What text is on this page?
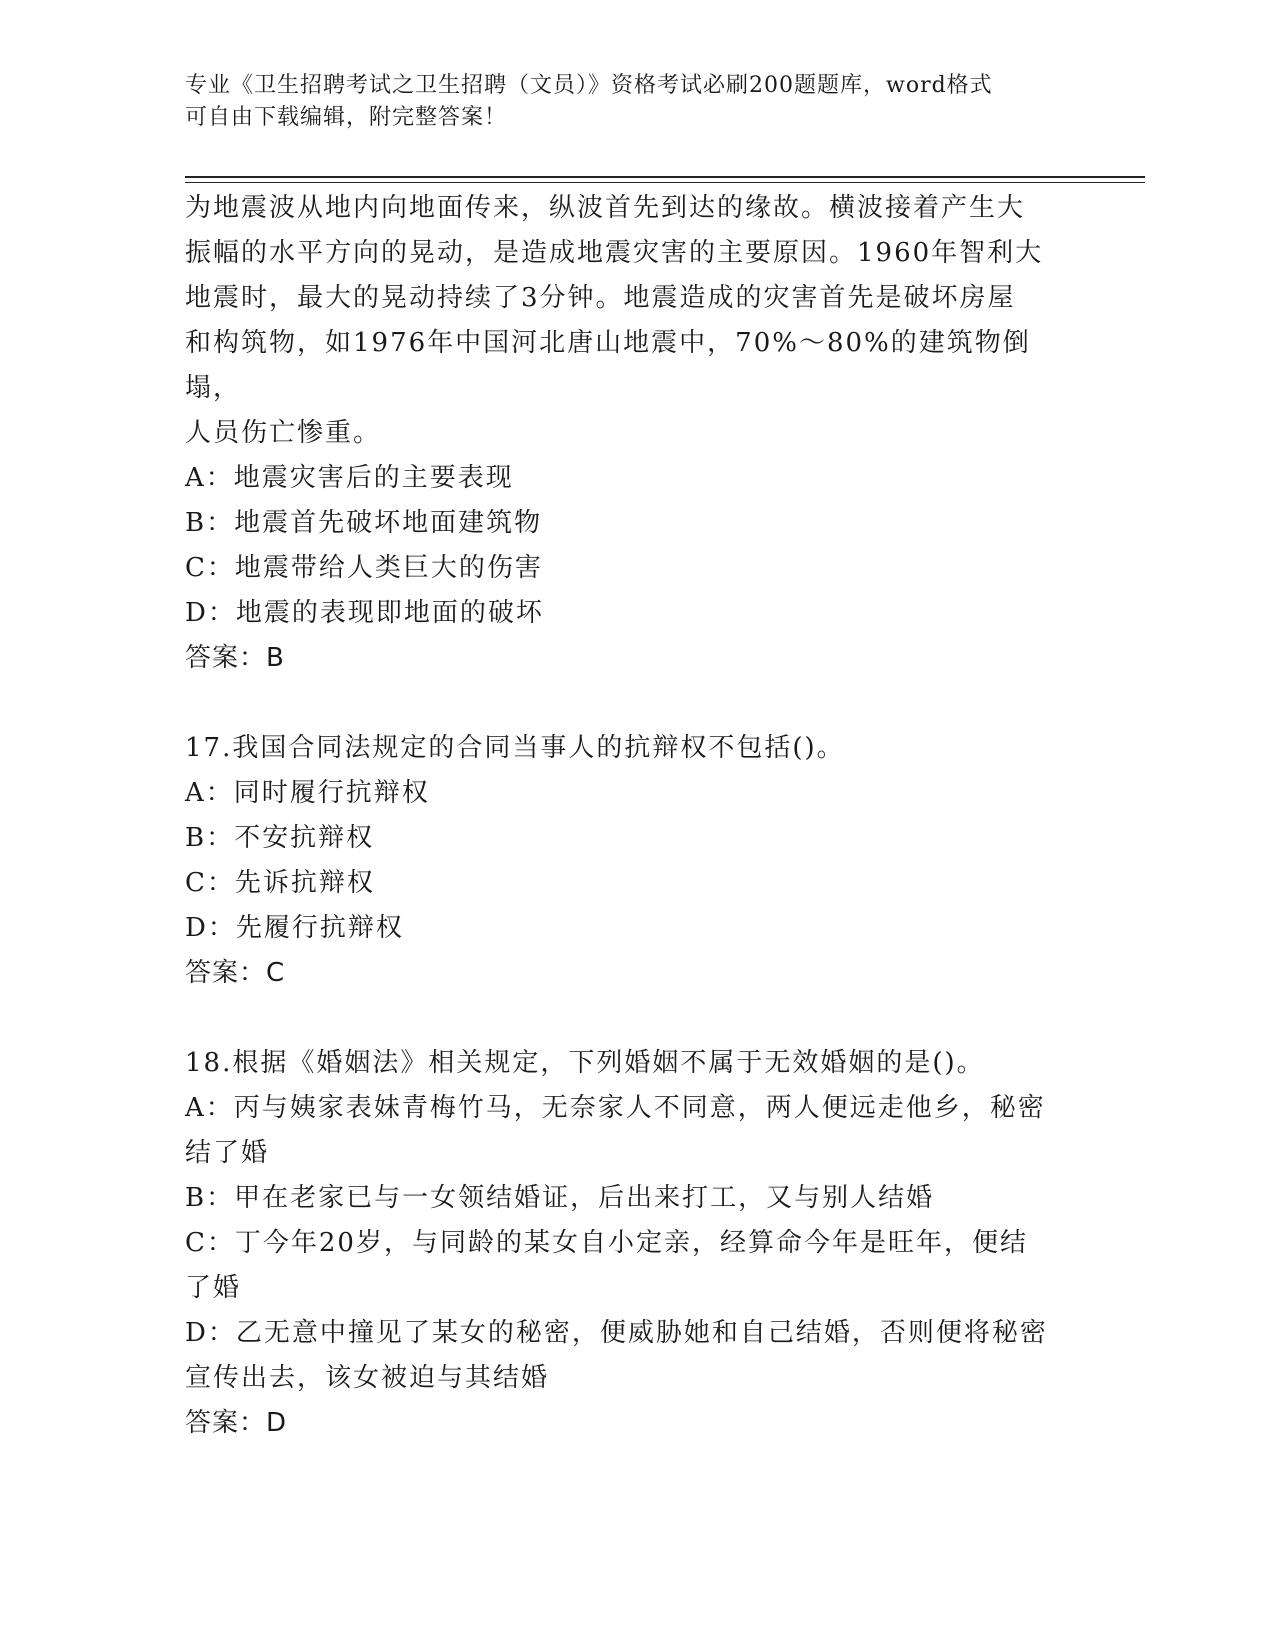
专业《卫生招聘考试之卫生招聘（文员）》资格考试必刷200题题库，word格式
可自由下载编辑，附完整答案！

为地震波从地内向地面传来，纵波首先到达的缘故。横波接着产生大

振幅的水平方向的晃动，是造成地震灾害的主要原因。1960年智利大

地震时，最大的晃动持续了3分钟。地震造成的灾害首先是破坏房屋

和构筑物，如1976年中国河北唐山地震中，70%～80%的建筑物倒塌，

人员伤亡惨重。

A：地震灾害后的主要表现

B：地震首先破坏地面建筑物

C：地震带给人类巨大的伤害

D：地震的表现即地面的破坏

答案：B

17.我国合同法规定的合同当事人的抗辩权不包括()。

A：同时履行抗辩权

B：不安抗辩权

C：先诉抗辩权

D：先履行抗辩权

答案：C

18.根据《婚姻法》相关规定，下列婚姻不属于无效婚姻的是()。

A：丙与姨家表妹青梅竹马，无奈家人不同意，两人便远走他乡，秘密

结了婚

B：甲在老家已与一女领结婚证，后出来打工，又与别人结婚

C：丁今年20岁，与同龄的某女自小定亲，经算命今年是旺年，便结

了婚

D：乙无意中撞见了某女的秘密，便威胁她和自己结婚，否则便将秘密

宣传出去，该女被迫与其结婚

答案：D
